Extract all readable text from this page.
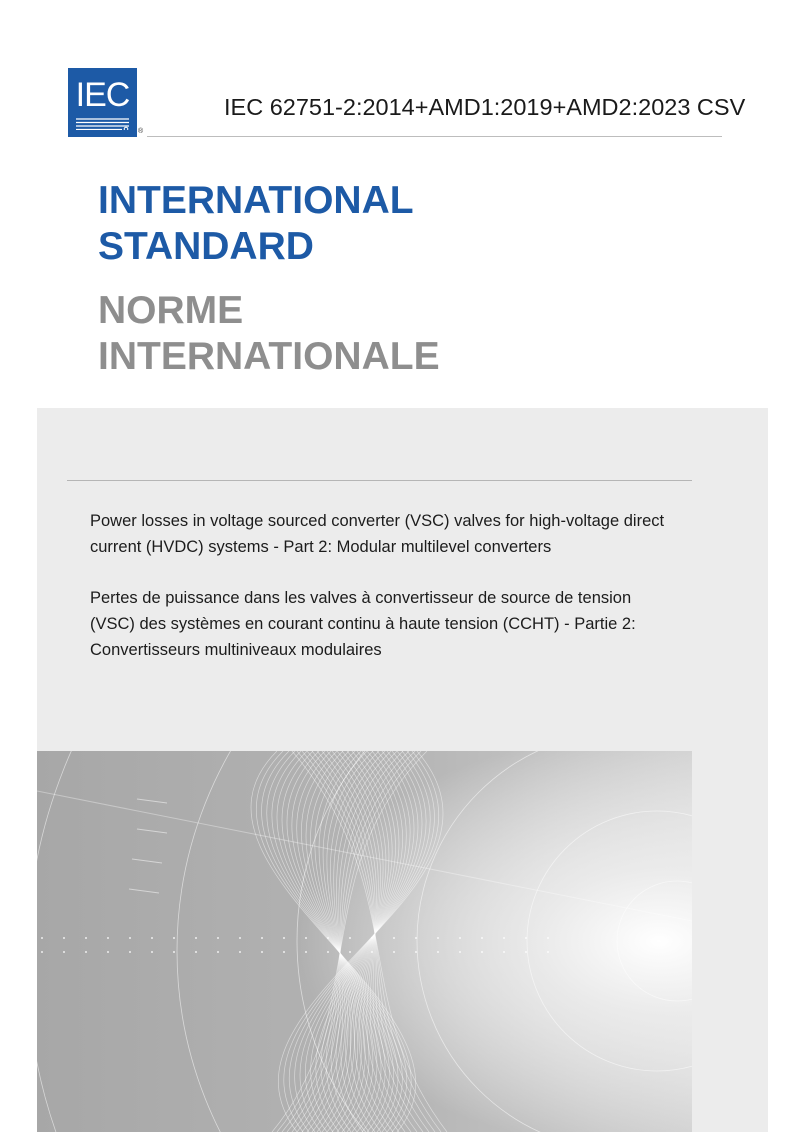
IEC
®
IEC 62751-2:2014+AMD1:2019+AMD2:2023 CSV
INTERNATIONAL
STANDARD
NORME
INTERNATIONALE

Power losses in voltage sourced converter (VSC) valves for high-voltage direct current (HVDC) systems - Part 2: Modular multilevel converters

Pertes de puissance dans les valves à convertisseur de source de tension (VSC) des systèmes en courant continu à haute tension (CCHT) - Partie 2: Convertisseurs multiniveaux modulaires
